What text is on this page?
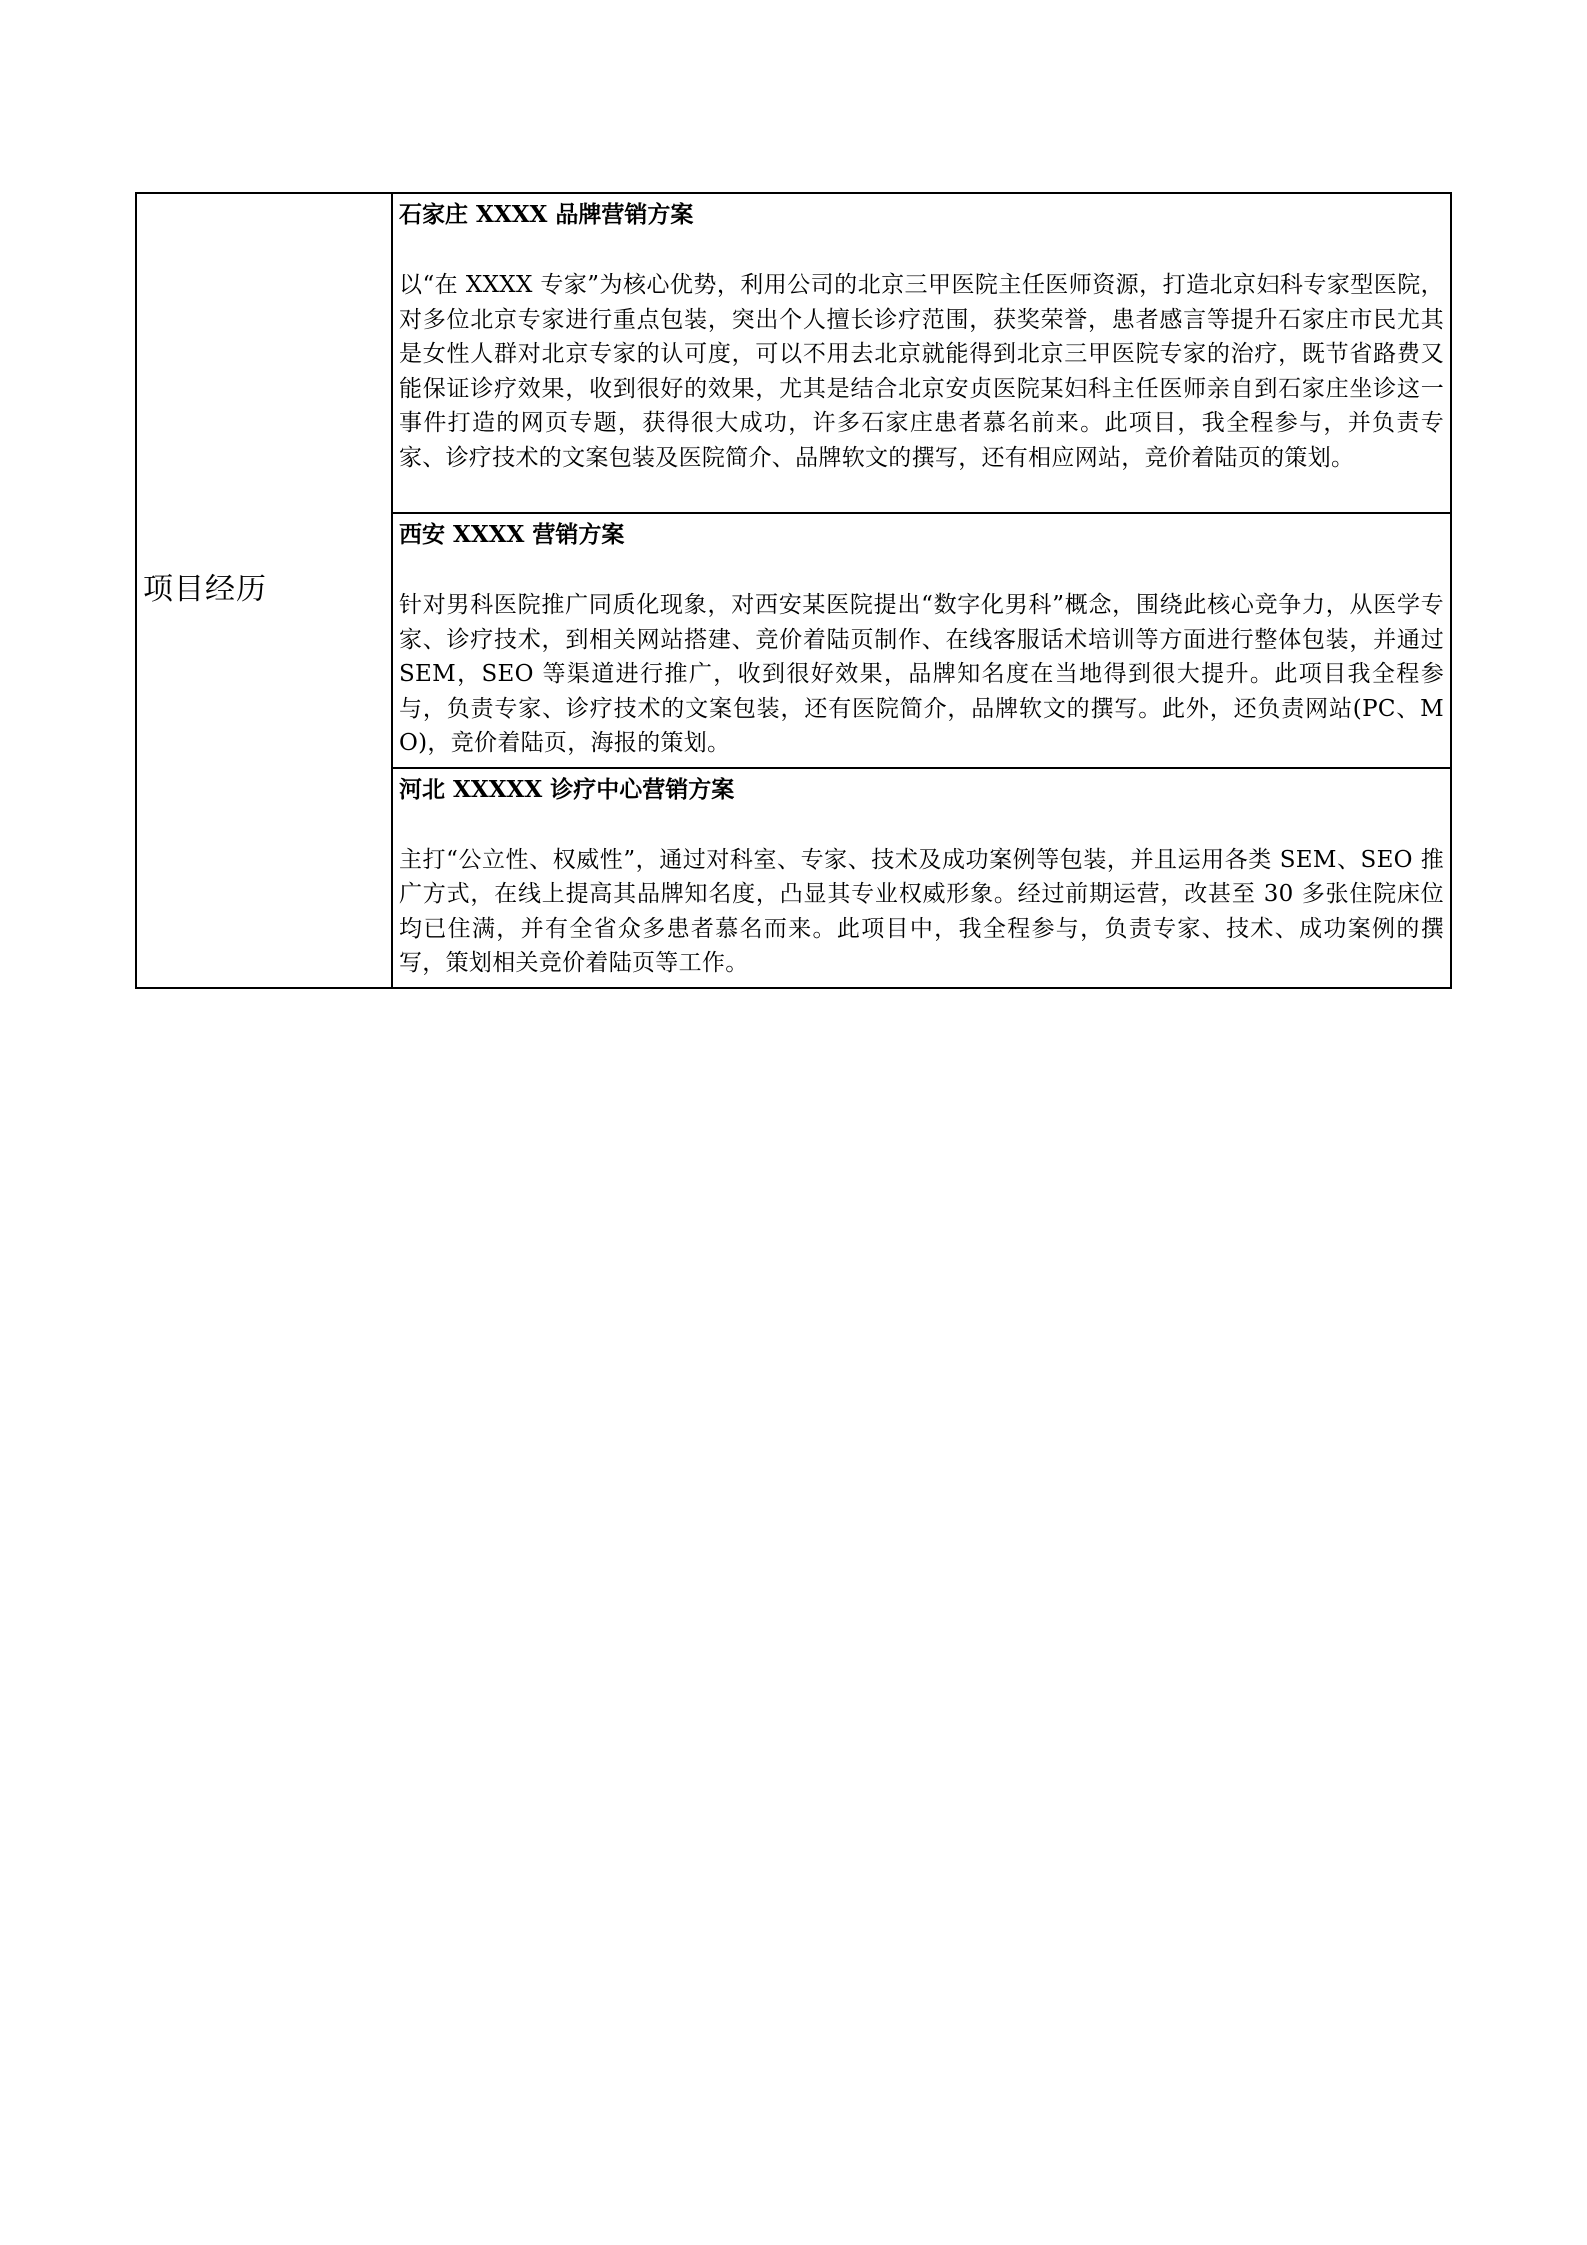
项目经历

石家庄 XXXX 品牌营销方案
以“在 XXXX 专家”为核心优势，利用公司的北京三甲医院主任医师资源，打造北京妇科专家型医院，对多位北京专家进行重点包装，突出个人擅长诊疗范围，获奖荣誉，患者感言等提升石家庄市民尤其是女性人群对北京专家的认可度，可以不用去北京就能得到北京三甲医院专家的治疗，既节省路费又能保证诊疗效果，收到很好的效果，尤其是结合北京安贞医院某妇科主任医师亲自到石家庄坐诊这一事件打造的网页专题，获得很大成功，许多石家庄患者慕名前来。此项目，我全程参与，并负责专家、诊疗技术的文案包装及医院简介、品牌软文的撰写，还有相应网站，竞价着陆页的策划。

西安 XXXX 营销方案
针对男科医院推广同质化现象，对西安某医院提出“数字化男科”概念，围绕此核心竞争力，从医学专家、诊疗技术，到相关网站搭建、竞价着陆页制作、在线客服话术培训等方面进行整体包装，并通过 SEM，SEO 等渠道进行推广，收到很好效果，品牌知名度在当地得到很大提升。此项目我全程参与，负责专家、诊疗技术的文案包装，还有医院简介，品牌软文的撰写。此外，还负责网站(PC、MO)，竞价着陆页，海报的策划。

河北 XXXXX 诊疗中心营销方案
主打“公立性、权威性”，通过对科室、专家、技术及成功案例等包装，并且运用各类 SEM、SEO 推广方式，在线上提高其品牌知名度，凸显其专业权威形象。经过前期运营，改甚至 30 多张住院床位均已住满，并有全省众多患者慕名而来。此项目中，我全程参与，负责专家、技术、成功案例的撰写，策划相关竞价着陆页等工作。
